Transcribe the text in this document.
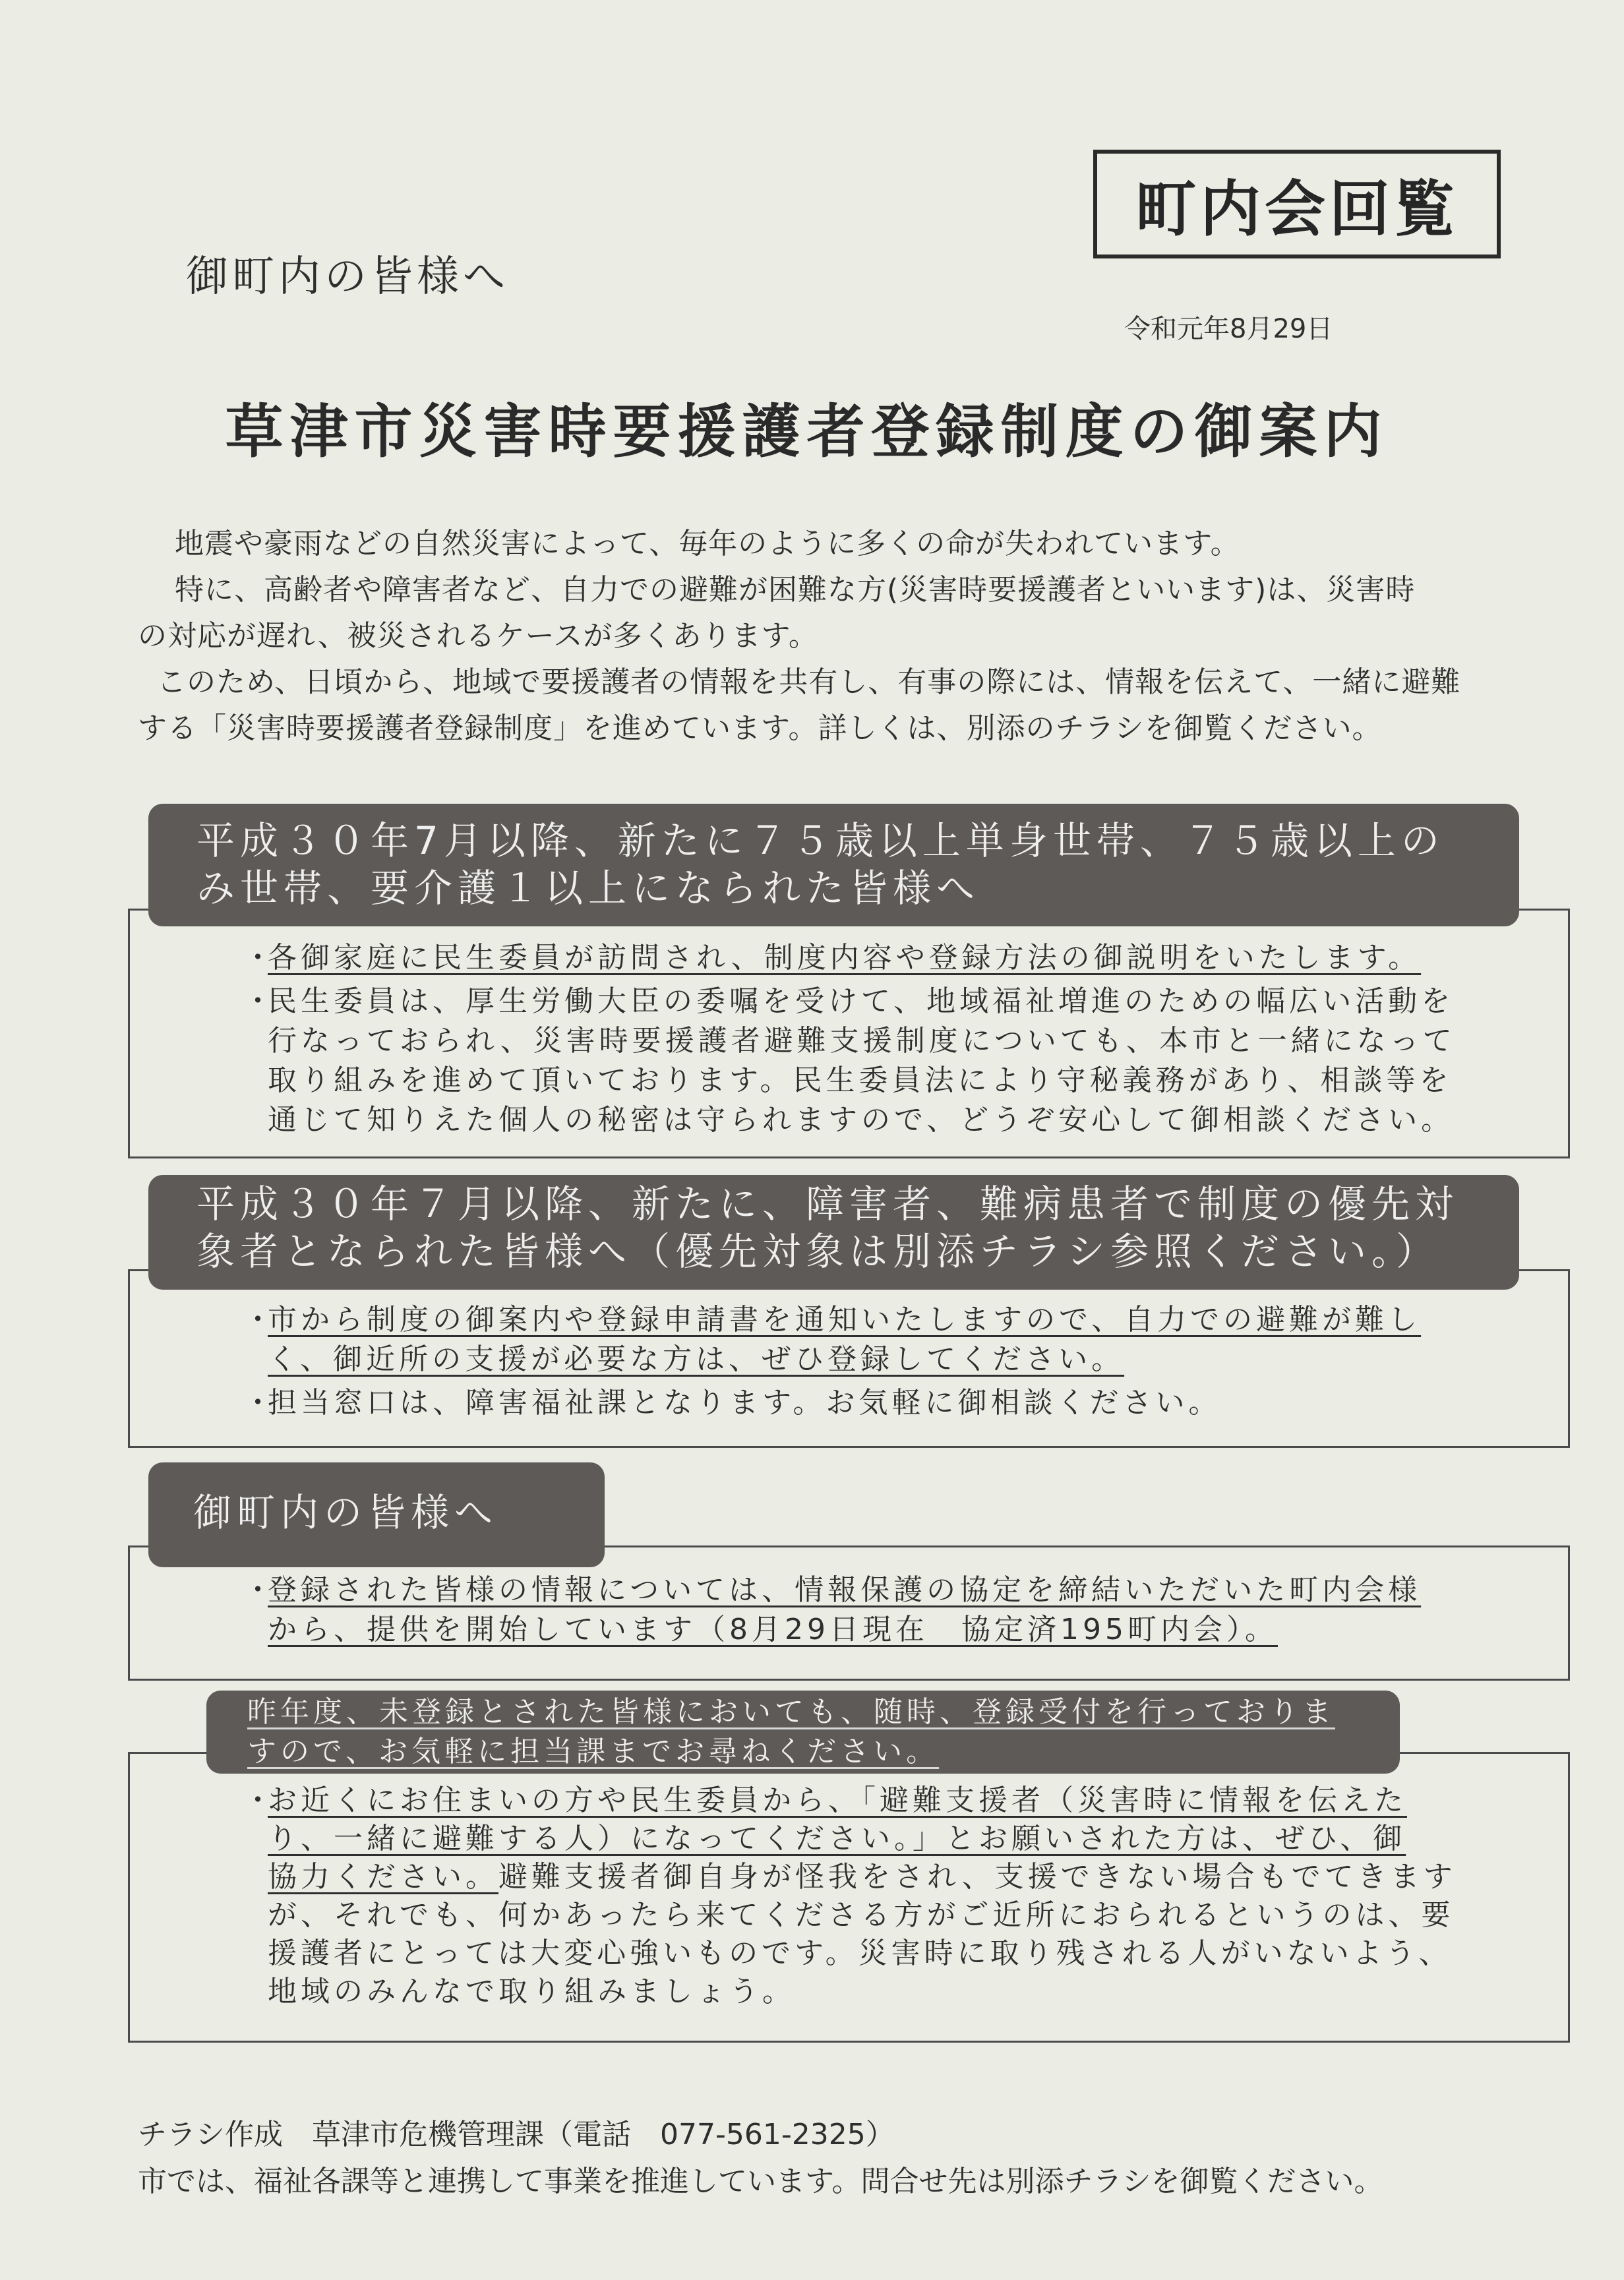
町内会回覧
御町内の皆様へ
令和元年8月29日
草津市災害時要援護者登録制度の御案内
地震や豪雨などの自然災害によって、毎年のように多くの命が失われています。
特に、高齢者や障害者など、自力での避難が困難な方(災害時要援護者といいます)は、災害時
の対応が遅れ、被災されるケースが多くあります。
このため、日頃から、地域で要援護者の情報を共有し、有事の際には、情報を伝えて、一緒に避難
する「災害時要援護者登録制度」を進めています。詳しくは、別添のチラシを御覧ください。
平成３０年7月以降、新たに７５歳以上単身世帯、７５歳以上の
み世帯、要介護１以上になられた皆様へ
・
各御家庭に民生委員が訪問され、制度内容や登録方法の御説明をいたします。
・
民生委員は、厚生労働大臣の委嘱を受けて、地域福祉増進のための幅広い活動を
行なっておられ、災害時要援護者避難支援制度についても、本市と一緒になって
取り組みを進めて頂いております。民生委員法により守秘義務があり、相談等を
通じて知りえた個人の秘密は守られますので、どうぞ安心して御相談ください。
平成３０年７月以降、新たに、障害者、難病患者で制度の優先対
象者となられた皆様へ（優先対象は別添チラシ参照ください。）
・
市から制度の御案内や登録申請書を通知いたしますので、自力での避難が難し
く、御近所の支援が必要な方は、ぜひ登録してください。
・
担当窓口は、障害福祉課となります。お気軽に御相談ください。
御町内の皆様へ
・
登録された皆様の情報については、情報保護の協定を締結いただいた町内会様
から、提供を開始しています（8月29日現在　協定済195町内会）。
昨年度、未登録とされた皆様においても、随時、登録受付を行っておりま
すので、お気軽に担当課までお尋ねください。
・
お近くにお住まいの方や民生委員から、「避難支援者（災害時に情報を伝えた
り、一緒に避難する人）になってください。」とお願いされた方は、ぜひ、御
協力ください。避難支援者御自身が怪我をされ、支援できない場合もでてきます
が、それでも、何かあったら来てくださる方がご近所におられるというのは、要
援護者にとっては大変心強いものです。災害時に取り残される人がいないよう、
地域のみんなで取り組みましょう。
チラシ作成　草津市危機管理課（電話　077-561-2325）
市では、福祉各課等と連携して事業を推進しています。問合せ先は別添チラシを御覧ください。
